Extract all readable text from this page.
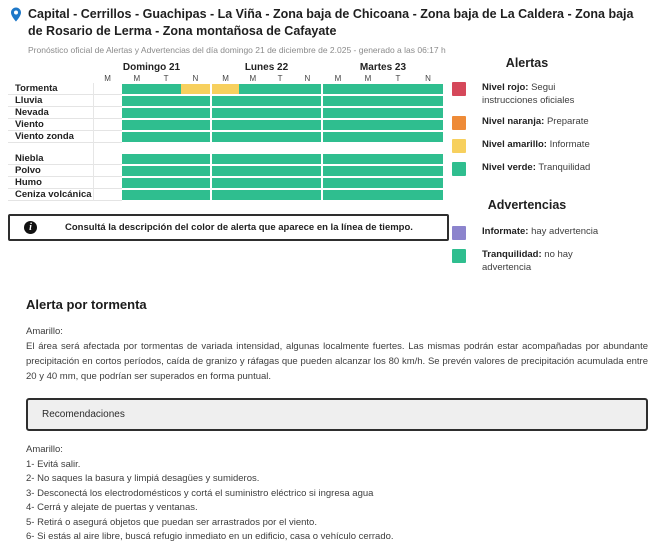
Capital - Cerrillos - Guachipas - La Viña - Zona baja de Chicoana - Zona baja de La Caldera - Zona baja de Rosario de Lerma - Zona montañosa de Cafayate
Pronóstico oficial de Alertas y Advertencias del día domingo 21 de diciembre de 2.025 - generado a las 06:17 h
Domingo 21	Lunes 22	Martes 23
M	M	T	N	M	M	T	N	M	M	T	N
Tormenta
Lluvia
Nevada
Viento
Viento zonda
Niebla
Polvo
Humo
Ceniza volcánica
i	Consultá la descripción del color de alerta que aparece en la línea de tiempo.
Alertas
Nivel rojo: Segui instrucciones oficiales
Nivel naranja: Preparate
Nivel amarillo: Informate
Nivel verde: Tranquilidad
Advertencias
Informate: hay advertencia
Tranquilidad: no hay advertencia
Alerta por tormenta
Amarillo:
El área será afectada por tormentas de variada intensidad, algunas localmente fuertes. Las mismas podrán estar acompañadas por abundante precipitación en cortos períodos, caída de granizo y ráfagas que pueden alcanzar los 80 km/h. Se prevén valores de precipitación acumulada entre 20 y 40 mm, que podrían ser superados en forma puntual.
Recomendaciones
Amarillo:
1- Evitá salir.
2- No saques la basura y limpiá desagües y sumideros.
3- Desconectá los electrodomésticos y cortá el suministro eléctrico si ingresa agua
4- Cerrá y alejate de puertas y ventanas.
5- Retirá o asegurá objetos que puedan ser arrastrados por el viento.
6- Si estás al aire libre, buscá refugio inmediato en un edificio, casa o vehículo cerrado.
